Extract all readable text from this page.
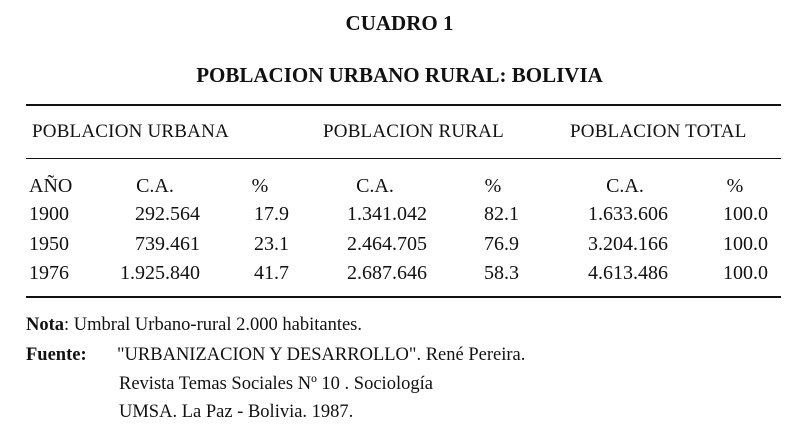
CUADRO 1
POBLACION URBANO RURAL: BOLIVIA
POBLACION URBANA	POBLACION RURAL	POBLACION TOTAL
AÑO	C.A.	%	C.A.	%	C.A.	%
1900	292.564	17.9	1.341.042	82.1	1.633.606	100.0
1950	739.461	23.1	2.464.705	76.9	3.204.166	100.0
1976	1.925.840	41.7	2.687.646	58.3	4.613.486	100.0
Nota: Umbral Urbano-rural 2.000 habitantes.
Fuente: "URBANIZACION Y DESARROLLO". René Pereira.
Revista Temas Sociales Nº 10 . Sociología
UMSA. La Paz - Bolivia. 1987.
